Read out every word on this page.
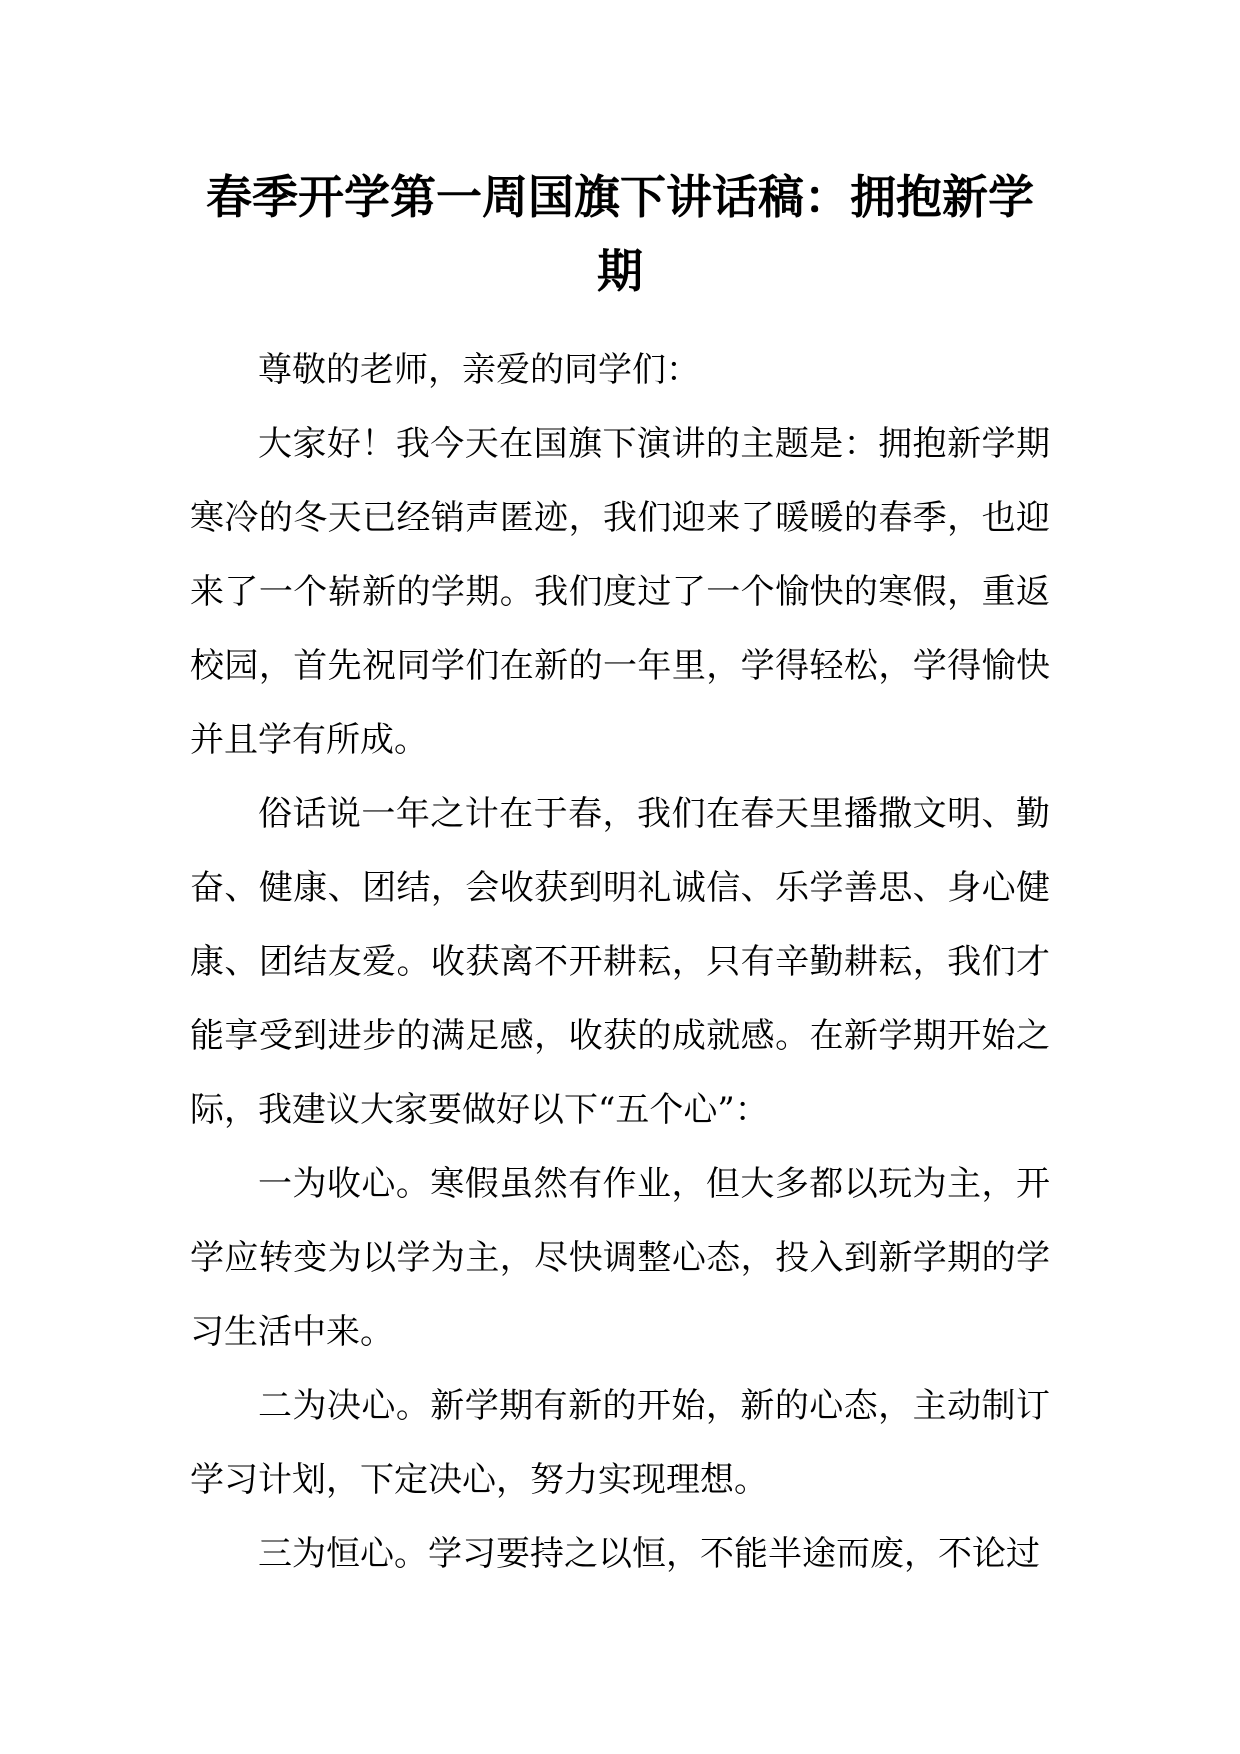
春季开学第一周国旗下讲话稿：拥抱新学期

尊敬的老师，亲爱的同学们：

大家好！我今天在国旗下演讲的主题是：拥抱新学期寒冷的冬天已经销声匿迹，我们迎来了暖暖的春季，也迎来了一个崭新的学期。我们度过了一个愉快的寒假，重返校园，首先祝同学们在新的一年里，学得轻松，学得愉快并且学有所成。

俗话说一年之计在于春，我们在春天里播撒文明、勤奋、健康、团结，会收获到明礼诚信、乐学善思、身心健康、团结友爱。收获离不开耕耘，只有辛勤耕耘，我们才能享受到进步的满足感，收获的成就感。在新学期开始之际，我建议大家要做好以下“五个心”：

一为收心。寒假虽然有作业，但大多都以玩为主，开学应转变为以学为主，尽快调整心态，投入到新学期的学习生活中来。

二为决心。新学期有新的开始，新的心态，主动制订学习计划，下定决心，努力实现理想。

三为恒心。学习要持之以恒，不能半途而废，不论过
